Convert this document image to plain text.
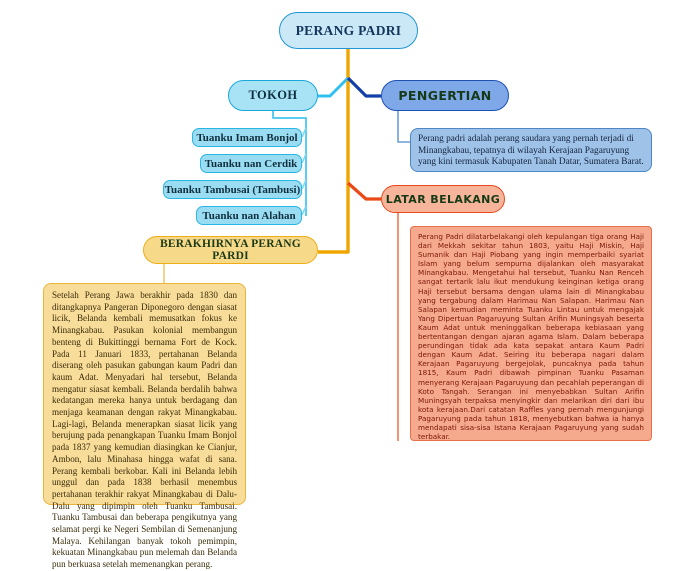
PERANG PADRI
TOKOH	PENGERTIAN
LATAR BELAKANG
BERAKHIRNYA PERANG PARDI
Tuanku Imam Bonjol
Tuanku nan Cerdik
Tuanku Tambusai (Tambusi)
Tuanku nan Alahan
Perang padri adalah perang saudara yang pernah terjadi di Minangkabau, tepatnya di wilayah Kerajaan Pagaruyung yang kini termasuk Kabupaten Tanah Datar, Sumatera Barat.
Perang Padri dilatarbelakangi oleh kepulangan tiga orang Haji dari Mekkah sekitar tahun 1803, yaitu Haji Miskin, Haji Sumanik dan Haji Piobang yang ingin memperbaiki syariat Islam yang belum sempurna dijalankan oleh masyarakat Minangkabau. Mengetahui hal tersebut, Tuanku Nan Renceh sangat tertarik lalu ikut mendukung keinginan ketiga orang Haji tersebut bersama dengan ulama lain di Minangkabau yang tergabung dalam Harimau Nan Salapan. Harimau Nan Salapan kemudian meminta Tuanku Lintau untuk mengajak Yang Dipertuan Pagaruyung Sultan Arifin Muningsyah beserta Kaum Adat untuk meninggalkan beberapa kebiasaan yang bertentangan dengan ajaran agama Islam. Dalam beberapa perundingan tidak ada kata sepakat antara Kaum Padri dengan Kaum Adat. Seiring itu beberapa nagari dalam Kerajaan Pagaruyung bergejolak, puncaknya pada tahun 1815, Kaum Padri dibawah pimpinan Tuanku Pasaman menyerang Kerajaan Pagaruyung dan pecahlah peperangan di Koto Tangah. Serangan ini menyebabkan Sultan Arifin Muningsyah terpaksa menyingkir dan melarikan diri dari ibu kota kerajaan.Dari catatan Raffles yang pernah mengunjungi Pagaruyung pada tahun 1818, menyebutkan bahwa ia hanya mendapati sisa-sisa Istana Kerajaan Pagaruyung yang sudah terbakar.
Setelah Perang Jawa berakhir pada 1830 dan ditangkapnya Pangeran Diponegoro dengan siasat licik, Belanda kembali memusatkan fokus ke Minangkabau. Pasukan kolonial membangun benteng di Bukittinggi bernama Fort de Kock. Pada 11 Januari 1833, pertahanan Belanda diserang oleh pasukan gabungan kaum Padri dan kaum Adat. Menyadari hal tersebut, Belanda mengatur siasat kembali. Belanda berdalih bahwa kedatangan mereka hanya untuk berdagang dan menjaga keamanan dengan rakyat Minangkabau. Lagi-lagi, Belanda menerapkan siasat licik yang berujung pada penangkapan Tuanku Imam Bonjol pada 1837 yang kemudian diasingkan ke Cianjur, Ambon, lalu Minahasa hingga wafat di sana. Perang kembali berkobar. Kali ini Belanda lebih unggul dan pada 1838 berhasil menembus pertahanan terakhir rakyat Minangkabau di Dalu-Dalu yang dipimpin oleh Tuanku Tambusai. Tuanku Tambusai dan beberapa pengikutnya yang selamat pergi ke Negeri Sembilan di Semenanjung Malaya. Kehilangan banyak tokoh pemimpin, kekuatan Minangkabau pun melemah dan Belanda pun berkuasa setelah memenangkan perang.
